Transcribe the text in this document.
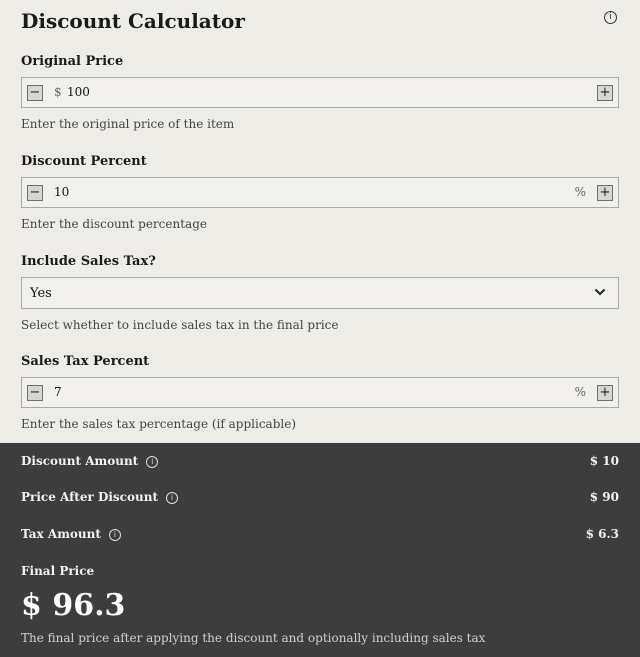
Discount Calculator	i
Original Price
− $ 100	+
Enter the original price of the item
Discount Percent
− 10	% +
Enter the discount percentage
Include Sales Tax?
Yes
Select whether to include sales tax in the final price
Sales Tax Percent
− 7	% +
Enter the sales tax percentage (if applicable)
Discount Amount i	$ 10
Price After Discount i	$ 90
Tax Amount i	$ 6.3
Final Price
$ 96.3
The final price after applying the discount and optionally including sales tax
